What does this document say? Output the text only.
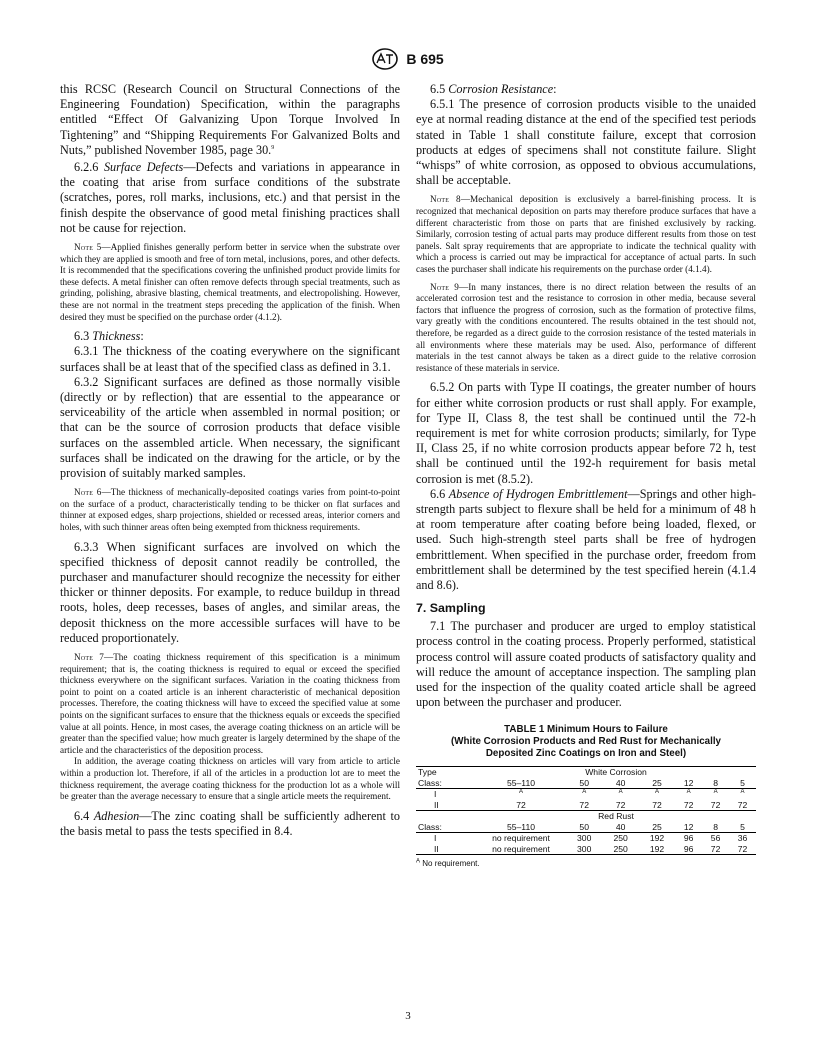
B 695

this RCSC (Research Council on Structural Connections of the Engineering Foundation) Specification, within the paragraphs entitled “Effect Of Galvanizing Upon Torque Involved In Tightening” and “Shipping Requirements For Galvanized Bolts and Nuts,” published November 1985, page 30.$^9$

6.2.6 Surface Defects—Defects and variations in appearance in the coating that arise from surface conditions of the substrate (scratches, pores, roll marks, inclusions, etc.) and that persist in the finish despite the observance of good metal finishing practices shall not be cause for rejection.

Note 5—Applied finishes generally perform better in service when the substrate over which they are applied is smooth and free of torn metal, inclusions, pores, and other defects. It is recommended that the specifications covering the unfinished product provide limits for these defects. A metal finisher can often remove defects through special treatments, such as grinding, polishing, abrasive blasting, chemical treatments, and electropolishing. However, these are not normal in the treatment steps preceding the application of the finish. When desired they must be specified on the purchase order (4.1.2).

6.3 Thickness:

6.3.1 The thickness of the coating everywhere on the significant surfaces shall be at least that of the specified class as defined in 3.1.

6.3.2 Significant surfaces are defined as those normally visible (directly or by reflection) that are essential to the appearance or serviceability of the article when assembled in normal position; or that can be the source of corrosion products that deface visible surfaces on the assembled article. When necessary, the significant surfaces shall be indicated on the drawing for the article, or by the provision of suitably marked samples.

Note 6—The thickness of mechanically-deposited coatings varies from point-to-point on the surface of a product, characteristically tending to be thicker on flat surfaces and thinner at exposed edges, sharp projections, shielded or recessed areas, interior corners and holes, with such thinner areas often being exempted from thickness requirements.

6.3.3 When significant surfaces are involved on which the specified thickness of deposit cannot readily be controlled, the purchaser and manufacturer should recognize the necessity for either thicker or thinner deposits. For example, to reduce buildup in thread roots, holes, deep recesses, bases of angles, and similar areas, the deposit thickness on the more accessible surfaces will have to be reduced proportionately.

Note 7—The coating thickness requirement of this specification is a minimum requirement; that is, the coating thickness is required to equal or exceed the specified thickness everywhere on the significant surfaces. Variation in the coating thickness from point to point on a coated article is an inherent characteristic of mechanical deposition processes. Therefore, the coating thickness will have to exceed the specified value at some points on the significant surfaces to ensure that the thickness equals or exceeds the specified value at all points. Hence, in most cases, the average coating thickness on an article will be greater than the specified value; how much greater is largely determined by the shape of the article and the characteristics of the deposition process.

In addition, the average coating thickness on articles will vary from article to article within a production lot. Therefore, if all of the articles in a production lot are to meet the thickness requirement, the average coating thickness for the production lot as a whole will be greater than the average necessary to ensure that a single article meets the requirement.

6.4 Adhesion—The zinc coating shall be sufficiently adherent to the basis metal to pass the tests specified in 8.4.

6.5 Corrosion Resistance:

6.5.1 The presence of corrosion products visible to the unaided eye at normal reading distance at the end of the specified test periods stated in Table 1 shall constitute failure, except that corrosion products at edges of specimens shall not constitute failure. Slight “whisps” of white corrosion, as opposed to obvious accumulations, shall be acceptable.

Note 8—Mechanical deposition is exclusively a barrel-finishing process. It is recognized that mechanical deposition on parts may therefore produce surfaces that have a different characteristic from those on parts that are finished exclusively by racking. Similarly, corrosion testing of actual parts may produce different results from those on test panels. Salt spray requirements that are appropriate to indicate the technical quality with which a process is carried out may be impractical for acceptance of actual parts. In such cases the purchaser shall indicate his requirements on the purchase order (4.1.4).

Note 9—In many instances, there is no direct relation between the results of an accelerated corrosion test and the resistance to corrosion in other media, because several factors that influence the progress of corrosion, such as the formation of protective films, vary greatly with the conditions encountered. The results obtained in the test should not, therefore, be regarded as a direct guide to the corrosion resistance of the tested materials in all environments where these materials may be used. Also, performance of different materials in the test cannot always be taken as a direct guide to the relative corrosion resistance of these materials in service.

6.5.2 On parts with Type II coatings, the greater number of hours for either white corrosion products or rust shall apply. For example, for Type II, Class 8, the test shall be continued until the 72-h requirement is met for white corrosion products; similarly, for Type II, Class 25, if no white corrosion products appear before 72 h, test shall be continued until the 192-h requirement for basis metal corrosion is met (8.5.2).

6.6 Absence of Hydrogen Embrittlement—Springs and other high-strength parts subject to flexure shall be held for a minimum of 48 h at room temperature after coating before being loaded, flexed, or used. Such high-strength steel parts shall be free of hydrogen embrittlement. When specified in the purchase order, freedom from embrittlement shall be determined by the test specified herein (4.1.4 and 8.6).

7. Sampling

7.1 The purchaser and producer are urged to employ statistical process control in the coating process. Properly performed, statistical process control will assure coated products of satisfactory quality and will reduce the amount of acceptance inspection. The sampling plan used for the inspection of the quality coated article shall be agreed upon between the purchaser and producer.

TABLE 1 Minimum Hours to Failure
(White Corrosion Products and Red Rust for Mechanically
Deposited Zinc Coatings on Iron and Steel)
Type	White Corrosion						
Class:	55–110	50	40	25	12	8	5
I	$^A$	$^A$	$^A$	$^A$	$^A$	$^A$	$^A$
II	72	72	72	72	72	72	72
	Red Rust						
Class:	55–110	50	40	25	12	8	5
I	no requirement	300	250	192	96	56	36
II	no requirement	300	250	192	96	72	72
$^A$ No requirement.
3
